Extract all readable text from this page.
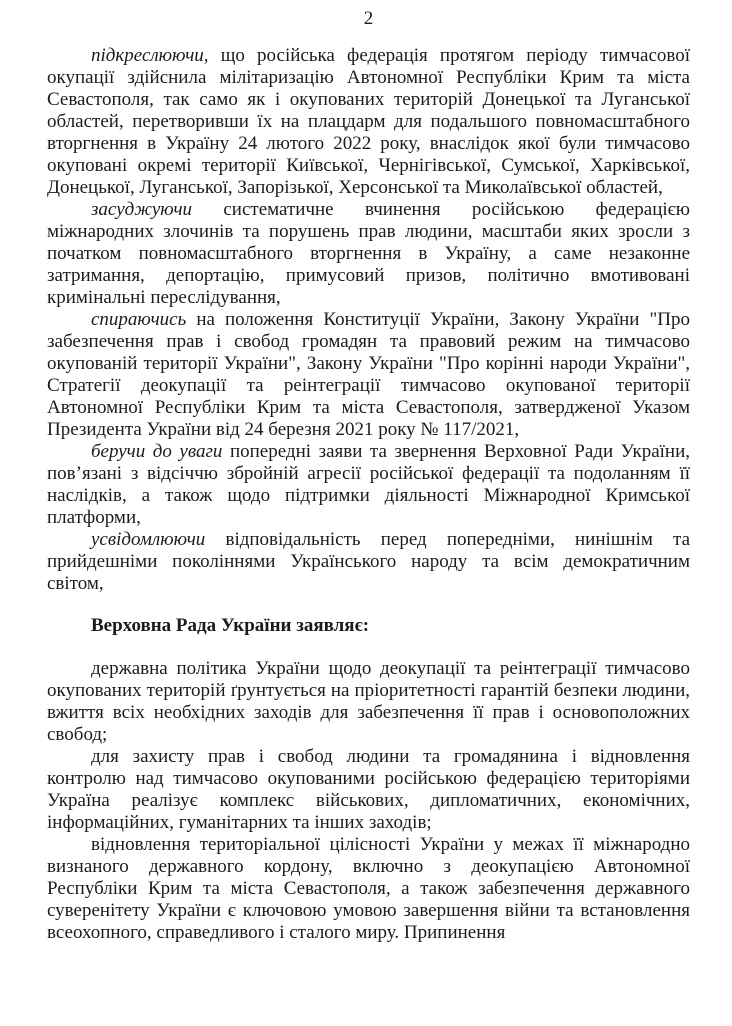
2

підкреслюючи, що російська федерація протягом періоду тимчасової окупації здійснила мілітаризацію Автономної Республіки Крим та міста Севастополя, так само як і окупованих територій Донецької та Луганської областей, перетворивши їх на плацдарм для подальшого повномасштабного вторгнення в Україну 24 лютого 2022 року, внаслідок якої були тимчасово окуповані окремі території Київської, Чернігівської, Сумської, Харківської, Донецької, Луганської, Запорізької, Херсонської та Миколаївської областей,

засуджуючи систематичне вчинення російською федерацією міжнародних злочинів та порушень прав людини, масштаби яких зросли з початком повномасштабного вторгнення в Україну, а саме незаконне затримання, депортацію, примусовий призов, політично вмотивовані кримінальні переслідування,

спираючись на положення Конституції України, Закону України "Про забезпечення прав і свобод громадян та правовий режим на тимчасово окупованій території України", Закону України "Про корінні народи України", Стратегії деокупації та реінтеграції тимчасово окупованої території Автономної Республіки Крим та міста Севастополя, затвердженої Указом Президента України від 24 березня 2021 року № 117/2021,

беручи до уваги попередні заяви та звернення Верховної Ради України, пов’язані з відсіччю збройній агресії російської федерації та подоланням її наслідків, а також щодо підтримки діяльності Міжнародної Кримської платформи,

усвідомлюючи відповідальність перед попередніми, нинішнім та прийдешніми поколіннями Українського народу та всім демократичним світом,

Верховна Рада України заявляє:

державна політика України щодо деокупації та реінтеграції тимчасово окупованих територій ґрунтується на пріоритетності гарантій безпеки людини, вжиття всіх необхідних заходів для забезпечення її прав і основоположних свобод;

для захисту прав і свобод людини та громадянина і відновлення контролю над тимчасово окупованими російською федерацією територіями Україна реалізує комплекс військових, дипломатичних, економічних, інформаційних, гуманітарних та інших заходів;

відновлення територіальної цілісності України у межах її міжнародно визнаного державного кордону, включно з деокупацією Автономної Республіки Крим та міста Севастополя, а також забезпечення державного суверенітету України є ключовою умовою завершення війни та встановлення всеохопного, справедливого і сталого миру. Припинення
